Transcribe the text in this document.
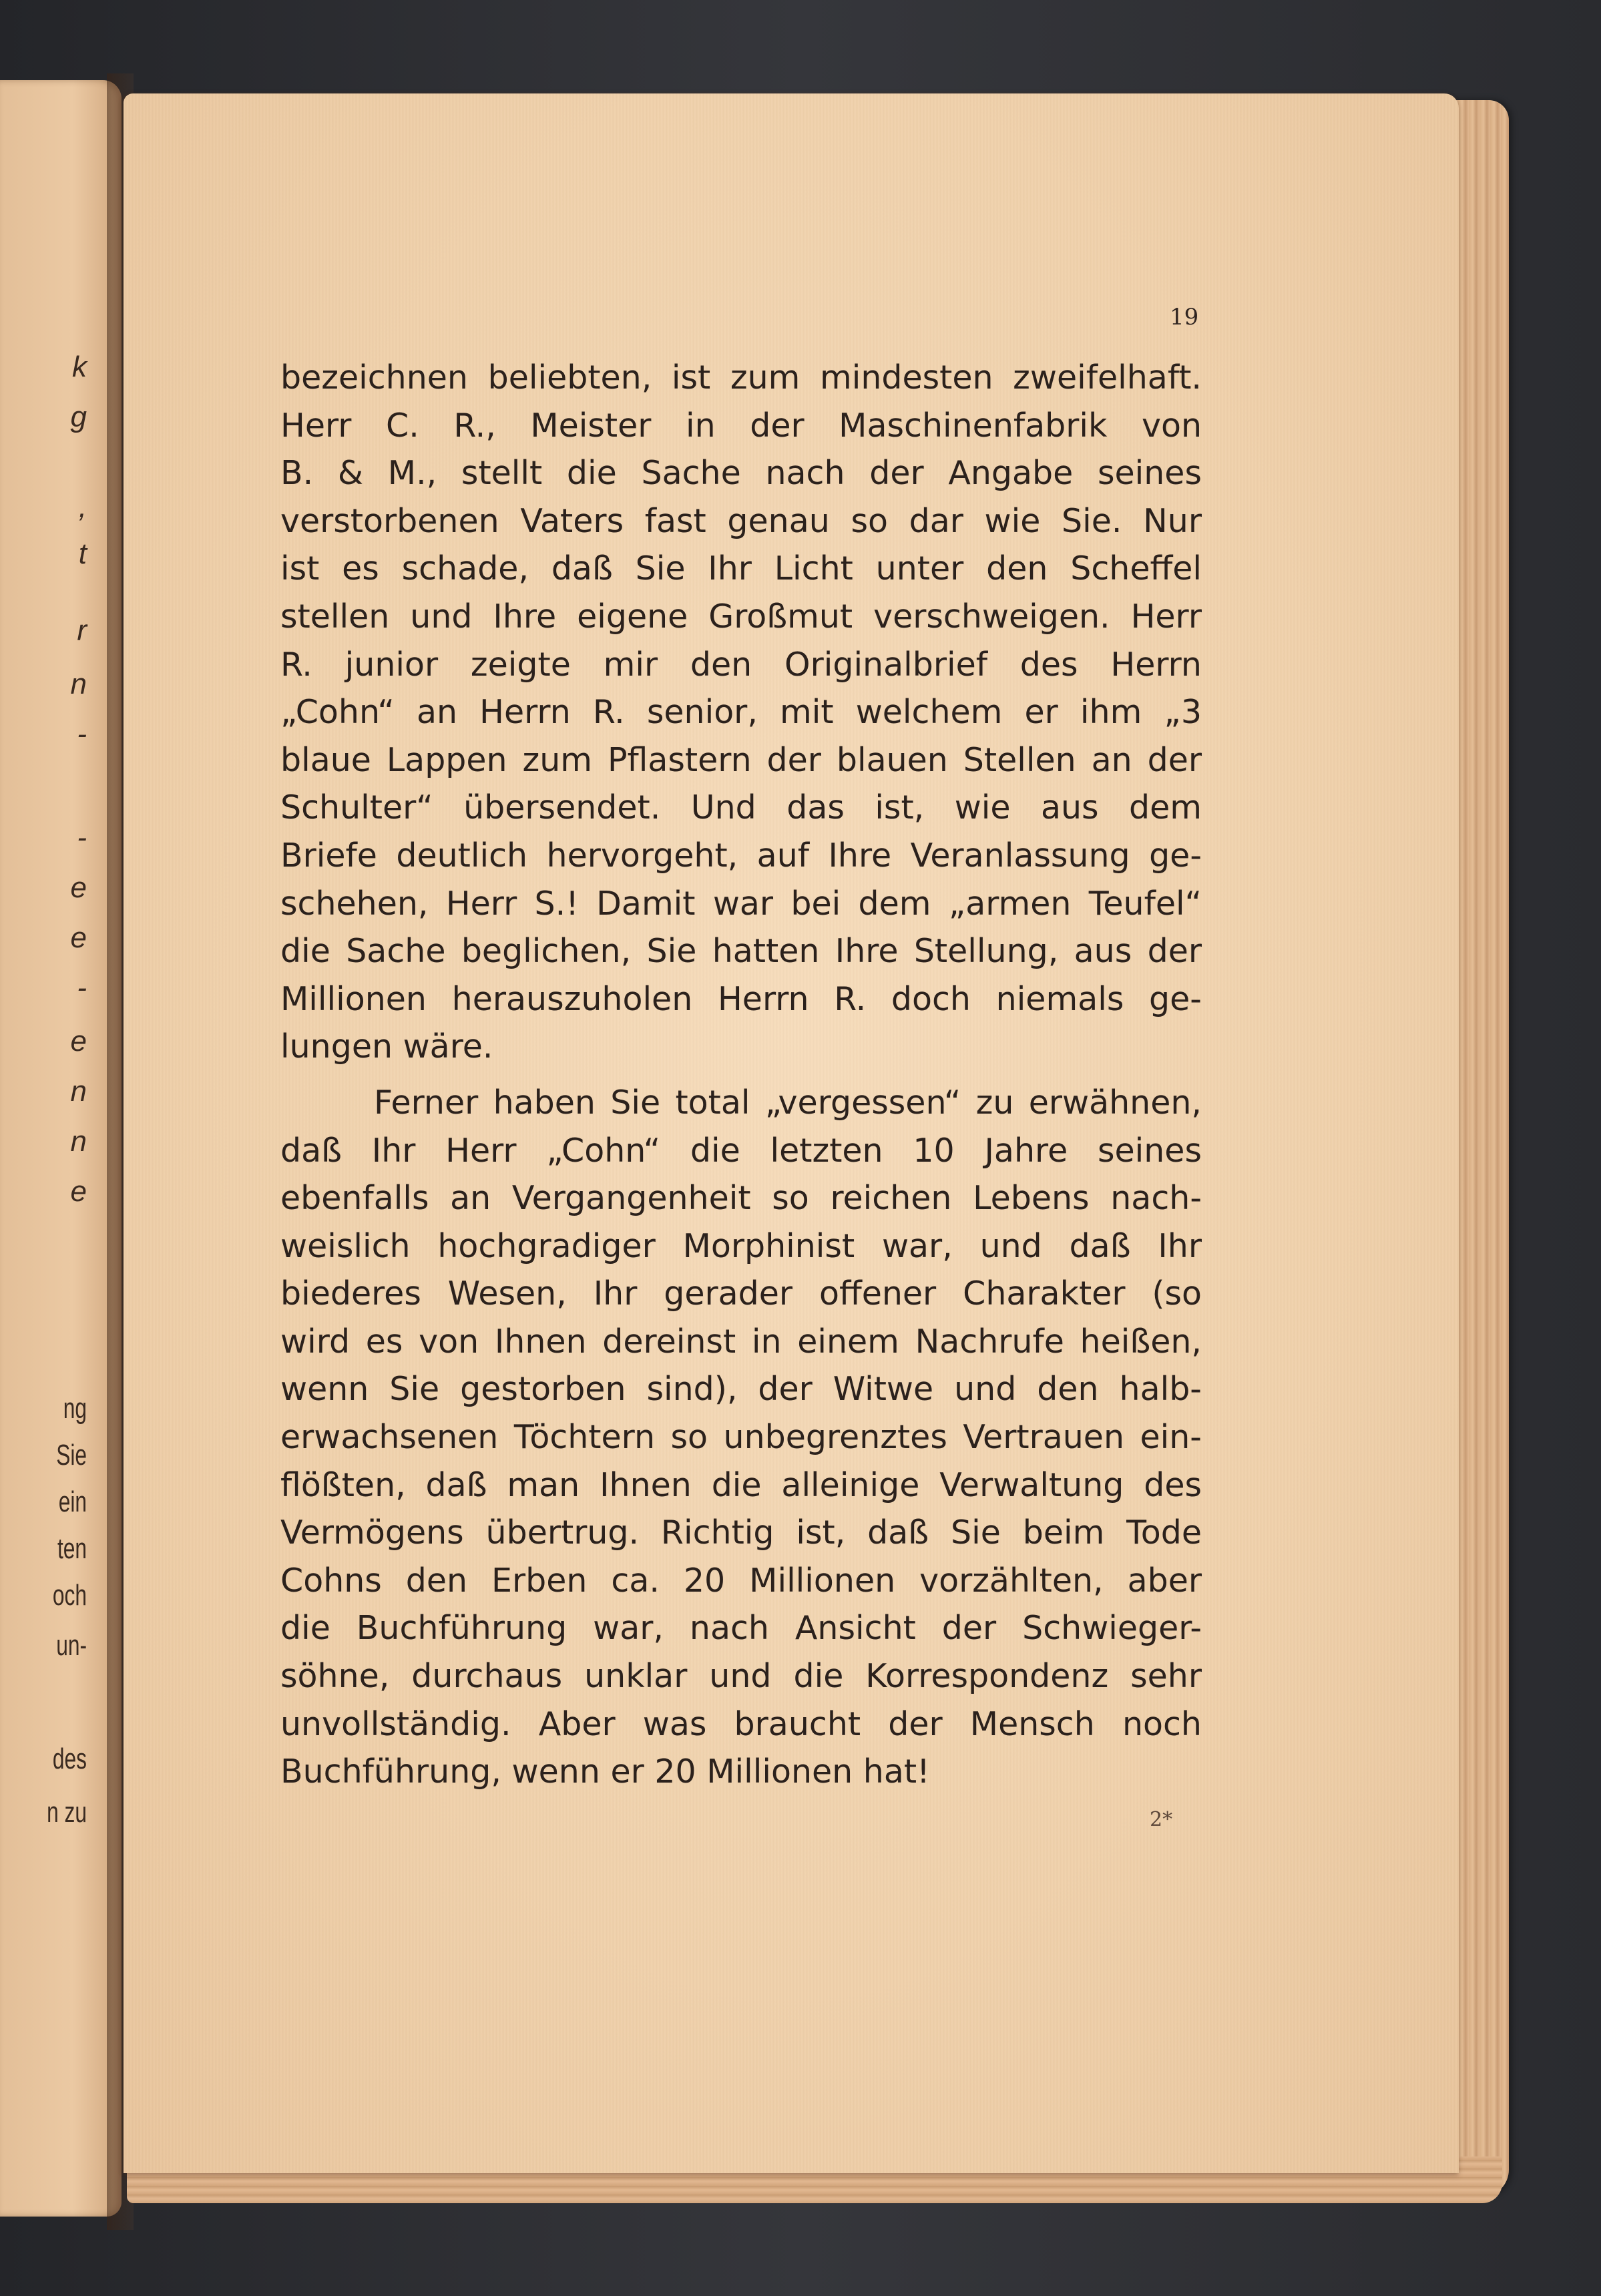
k
g
,
t
r
n
-
-
e
e
-
e
n
n
e
ng
Sie
ein
ten
och
un-
des
n zu
19
bezeichnen beliebten, ist zum mindesten zweifelhaft.
Herr C. R., Meister in der Maschinenfabrik von
B. & M., stellt die Sache nach der Angabe seines
verstorbenen Vaters fast genau so dar wie Sie. Nur
ist es schade, daß Sie Ihr Licht unter den Scheffel
stellen und Ihre eigene Großmut verschweigen. Herr
R. junior zeigte mir den Originalbrief des Herrn
„Cohn“ an Herrn R. senior, mit welchem er ihm „3
blaue Lappen zum Pflastern der blauen Stellen an der
Schulter“ übersendet. Und das ist, wie aus dem
Briefe deutlich hervorgeht, auf Ihre Veranlassung ge-
schehen, Herr S.! Damit war bei dem „armen Teufel“
die Sache beglichen, Sie hatten Ihre Stellung, aus der
Millionen herauszuholen Herrn R. doch niemals ge-
lungen wäre.
Ferner haben Sie total „vergessen“ zu erwähnen,
daß Ihr Herr „Cohn“ die letzten 10 Jahre seines
ebenfalls an Vergangenheit so reichen Lebens nach-
weislich hochgradiger Morphinist war, und daß Ihr
biederes Wesen, Ihr gerader offener Charakter (so
wird es von Ihnen dereinst in einem Nachrufe heißen,
wenn Sie gestorben sind), der Witwe und den halb-
erwachsenen Töchtern so unbegrenztes Vertrauen ein-
flößten, daß man Ihnen die alleinige Verwaltung des
Vermögens übertrug. Richtig ist, daß Sie beim Tode
Cohns den Erben ca. 20 Millionen vorzählten, aber
die Buchführung war, nach Ansicht der Schwieger-
söhne, durchaus unklar und die Korrespondenz sehr
unvollständig. Aber was braucht der Mensch noch
Buchführung, wenn er 20 Millionen hat!
2*
